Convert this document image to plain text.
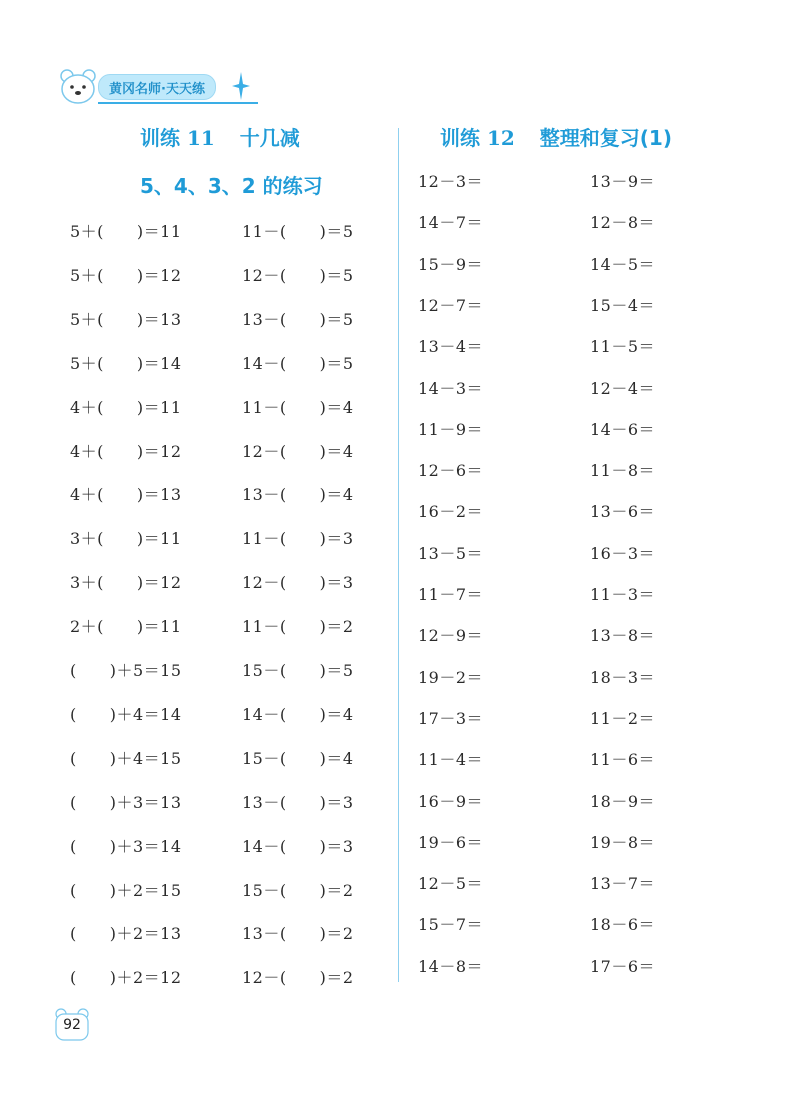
黄冈名师·天天练
训练 11 十几减
5、4、3、2 的练习
训练 12 整理和复习(1)
5＋(　　)＝11
5＋(　　)＝12
5＋(　　)＝13
5＋(　　)＝14
4＋(　　)＝11
4＋(　　)＝12
4＋(　　)＝13
3＋(　　)＝11
3＋(　　)＝12
2＋(　　)＝11
(　　)＋5＝15
(　　)＋4＝14
(　　)＋4＝15
(　　)＋3＝13
(　　)＋3＝14
(　　)＋2＝15
(　　)＋2＝13
(　　)＋2＝12
11－(　　)＝5
12－(　　)＝5
13－(　　)＝5
14－(　　)＝5
11－(　　)＝4
12－(　　)＝4
13－(　　)＝4
11－(　　)＝3
12－(　　)＝3
11－(　　)＝2
15－(　　)＝5
14－(　　)＝4
15－(　　)＝4
13－(　　)＝3
14－(　　)＝3
15－(　　)＝2
13－(　　)＝2
12－(　　)＝2
12－3＝
14－7＝
15－9＝
12－7＝
13－4＝
14－3＝
11－9＝
12－6＝
16－2＝
13－5＝
11－7＝
12－9＝
19－2＝
17－3＝
11－4＝
16－9＝
19－6＝
12－5＝
15－7＝
14－8＝
13－9＝
12－8＝
14－5＝
15－4＝
11－5＝
12－4＝
14－6＝
11－8＝
13－6＝
16－3＝
11－3＝
13－8＝
18－3＝
11－2＝
11－6＝
18－9＝
19－8＝
13－7＝
18－6＝
17－6＝
92
